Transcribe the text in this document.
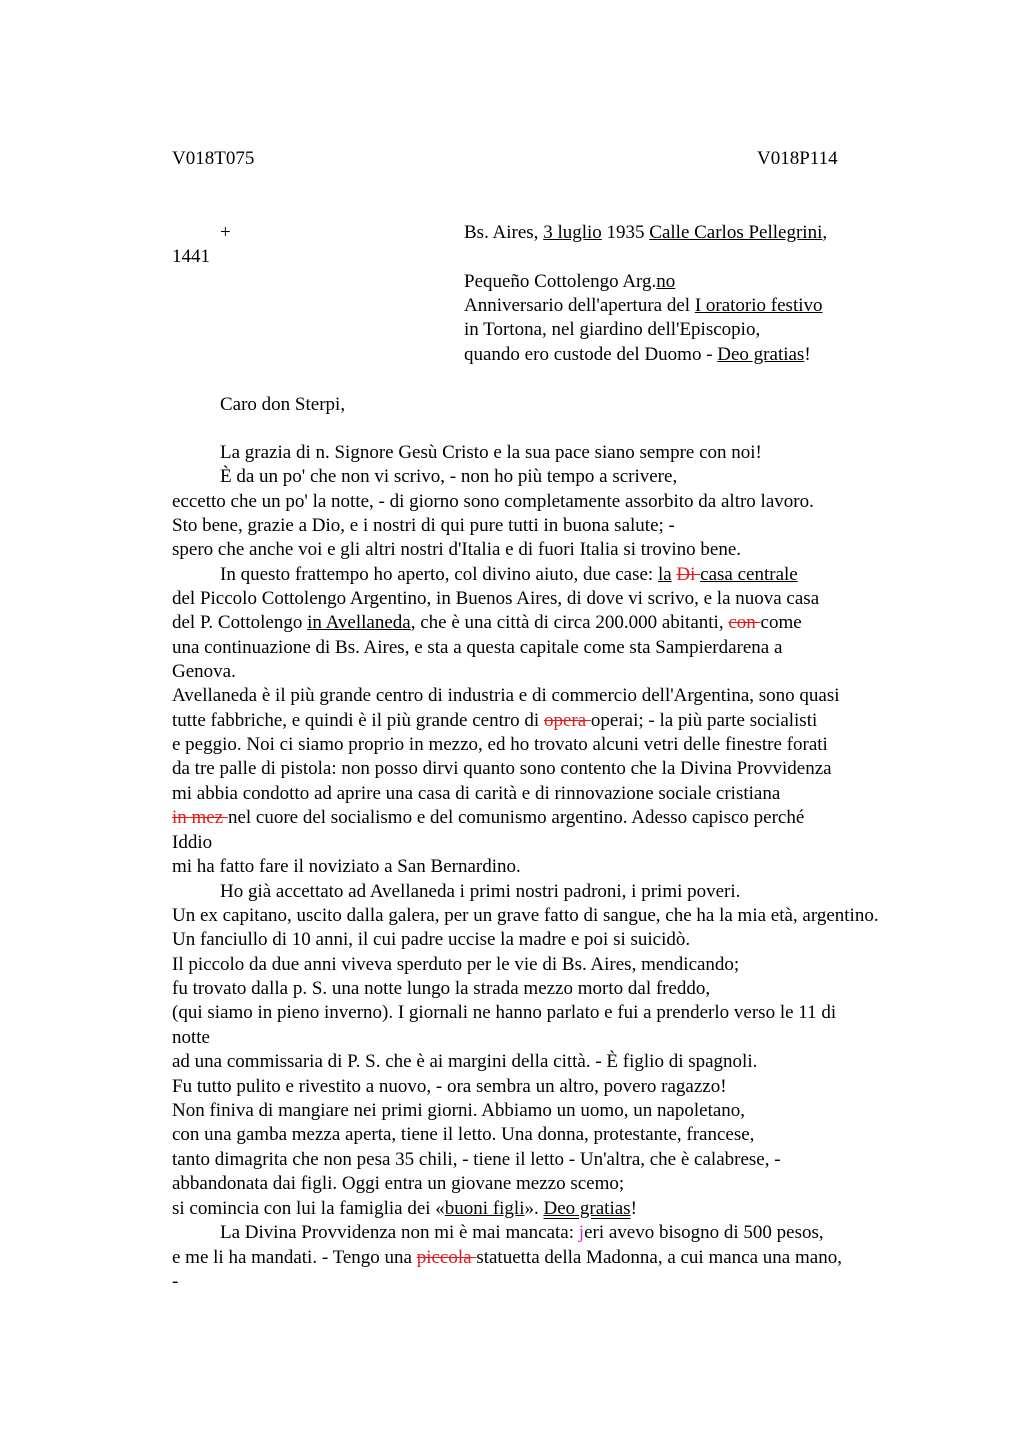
V018T075	V018P114
+	Bs. Aires, 3 luglio 1935 Calle Carlos Pellegrini,
1441
Pequeño Cottolengo Arg.no
Anniversario dell'apertura del I oratorio festivo
in Tortona, nel giardino dell'Episcopio,
quando ero custode del Duomo - Deo gratias!
Caro don Sterpi,
La grazia di n. Signore Gesù Cristo e la sua pace siano sempre con noi!
È da un po' che non vi scrivo, - non ho più tempo a scrivere,
eccetto che un po' la notte, - di giorno sono completamente assorbito da altro lavoro.
Sto bene, grazie a Dio, e i nostri di qui pure tutti in buona salute; -
spero che anche voi e gli altri nostri d'Italia e di fuori Italia si trovino bene.
In questo frattempo ho aperto, col divino aiuto, due case: la Di casa centrale
del Piccolo Cottolengo Argentino, in Buenos Aires, di dove vi scrivo, e la nuova casa
del P. Cottolengo in Avellaneda, che è una città di circa 200.000 abitanti, con come
una continuazione di Bs. Aires, e sta a questa capitale come sta Sampierdarena a
Genova.
Avellaneda è il più grande centro di industria e di commercio dell'Argentina, sono quasi
tutte fabbriche, e quindi è il più grande centro di opera operai; - la più parte socialisti
e peggio. Noi ci siamo proprio in mezzo, ed ho trovato alcuni vetri delle finestre forati
da tre palle di pistola: non posso dirvi quanto sono contento che la Divina Provvidenza
mi abbia condotto ad aprire una casa di carità e di rinnovazione sociale cristiana
in mez nel cuore del socialismo e del comunismo argentino. Adesso capisco perché
Iddio
mi ha fatto fare il noviziato a San Bernardino.
Ho già accettato ad Avellaneda i primi nostri padroni, i primi poveri.
Un ex capitano, uscito dalla galera, per un grave fatto di sangue, che ha la mia età, argentino.
Un fanciullo di 10 anni, il cui padre uccise la madre e poi si suicidò.
Il piccolo da due anni viveva sperduto per le vie di Bs. Aires, mendicando;
fu trovato dalla p. S. una notte lungo la strada mezzo morto dal freddo,
(qui siamo in pieno inverno). I giornali ne hanno parlato e fui a prenderlo verso le 11 di
notte
ad una commissaria di P. S. che è ai margini della città. - È figlio di spagnoli.
Fu tutto pulito e rivestito a nuovo, - ora sembra un altro, povero ragazzo!
Non finiva di mangiare nei primi giorni. Abbiamo un uomo, un napoletano,
con una gamba mezza aperta, tiene il letto. Una donna, protestante, francese,
tanto dimagrita che non pesa 35 chili, - tiene il letto - Un'altra, che è calabrese, -
abbandonata dai figli. Oggi entra un giovane mezzo scemo;
si comincia con lui la famiglia dei «buoni figli». Deo gratias!
La Divina Provvidenza non mi è mai mancata: jeri avevo bisogno di 500 pesos,
e me li ha mandati. - Tengo una piccola statuetta della Madonna, a cui manca una mano,
-
